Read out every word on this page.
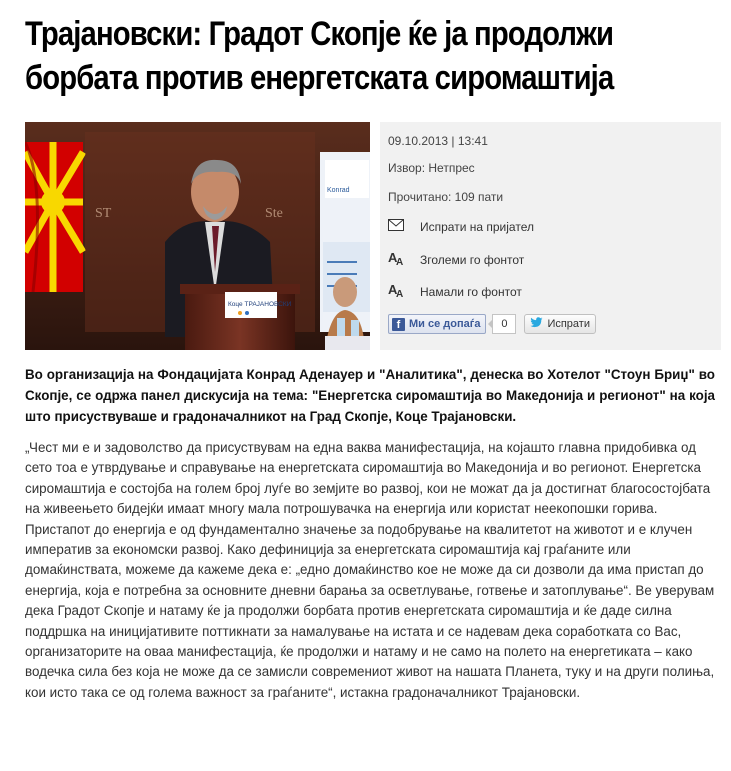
Трајановски: Градот Скопје ќе ја продолжи борбата против енергетската сиромаштија
ST	Ste
Konrad
Коце ТРАЈАНОВСКИ
09.10.2013 | 13:41
Извор: Нетпрес
Прочитано: 109 пати
Испрати на пријател
A
A Зголеми го фонтот
A
A Намали го фонтот
f Ми се допаѓа	0	Испрати

Во организација на Фондацијата Конрад Аденауер и "Аналитика", денеска во Хотелот "Стоун Бриџ" во Скопје, се одржа панел дискусија на тема: "Енергетска сиромаштија во Македонија и регионот" на која што присуствуваше и градоначалникот на Град Скопје, Коце Трајановски.

„Чест ми е и задоволство да присуствувам на една ваква манифестација, на којашто главна придобивка од сето тоа е утврдување и справување на енергетската сиромаштија во Македонија и во регионот. Енергетска сиромаштија е состојба на голем број луѓе во земјите во развој, кои не можат да ја достигнат благосостојбата на живеењето бидејќи имаат многу мала потрошувачка на енергија или користат неекопошки горива. Пристапот до енергија е од фундаментално значење за подобрување на квалитетот на животот и е клучен императив за економски развој. Како дефиниција за енергетската сиромаштија кај граѓаните или домаќинствата, можеме да кажеме дека е: „едно домаќинство кое не може да си дозволи да има пристап до енергија, која е потребна за основните дневни барања за осветлување, готвење и затоплување“. Ве уверувам дека Градот Скопје и натаму ќе ја продолжи борбата против енергетската сиромаштија и ќе даде силна поддршка на иницијативите поттикнати за намалување на истата и се надевам дека соработката со Вас, организаторите на оваа манифестација, ќе продолжи и натаму и не само на полето на енергетиката – како водечка сила без која не може да се замисли современиот живот на нашата Планета, туку и на други полиња, кои исто така се од голема важност за граѓаните“, истакна градоначалникот Трајановски.
